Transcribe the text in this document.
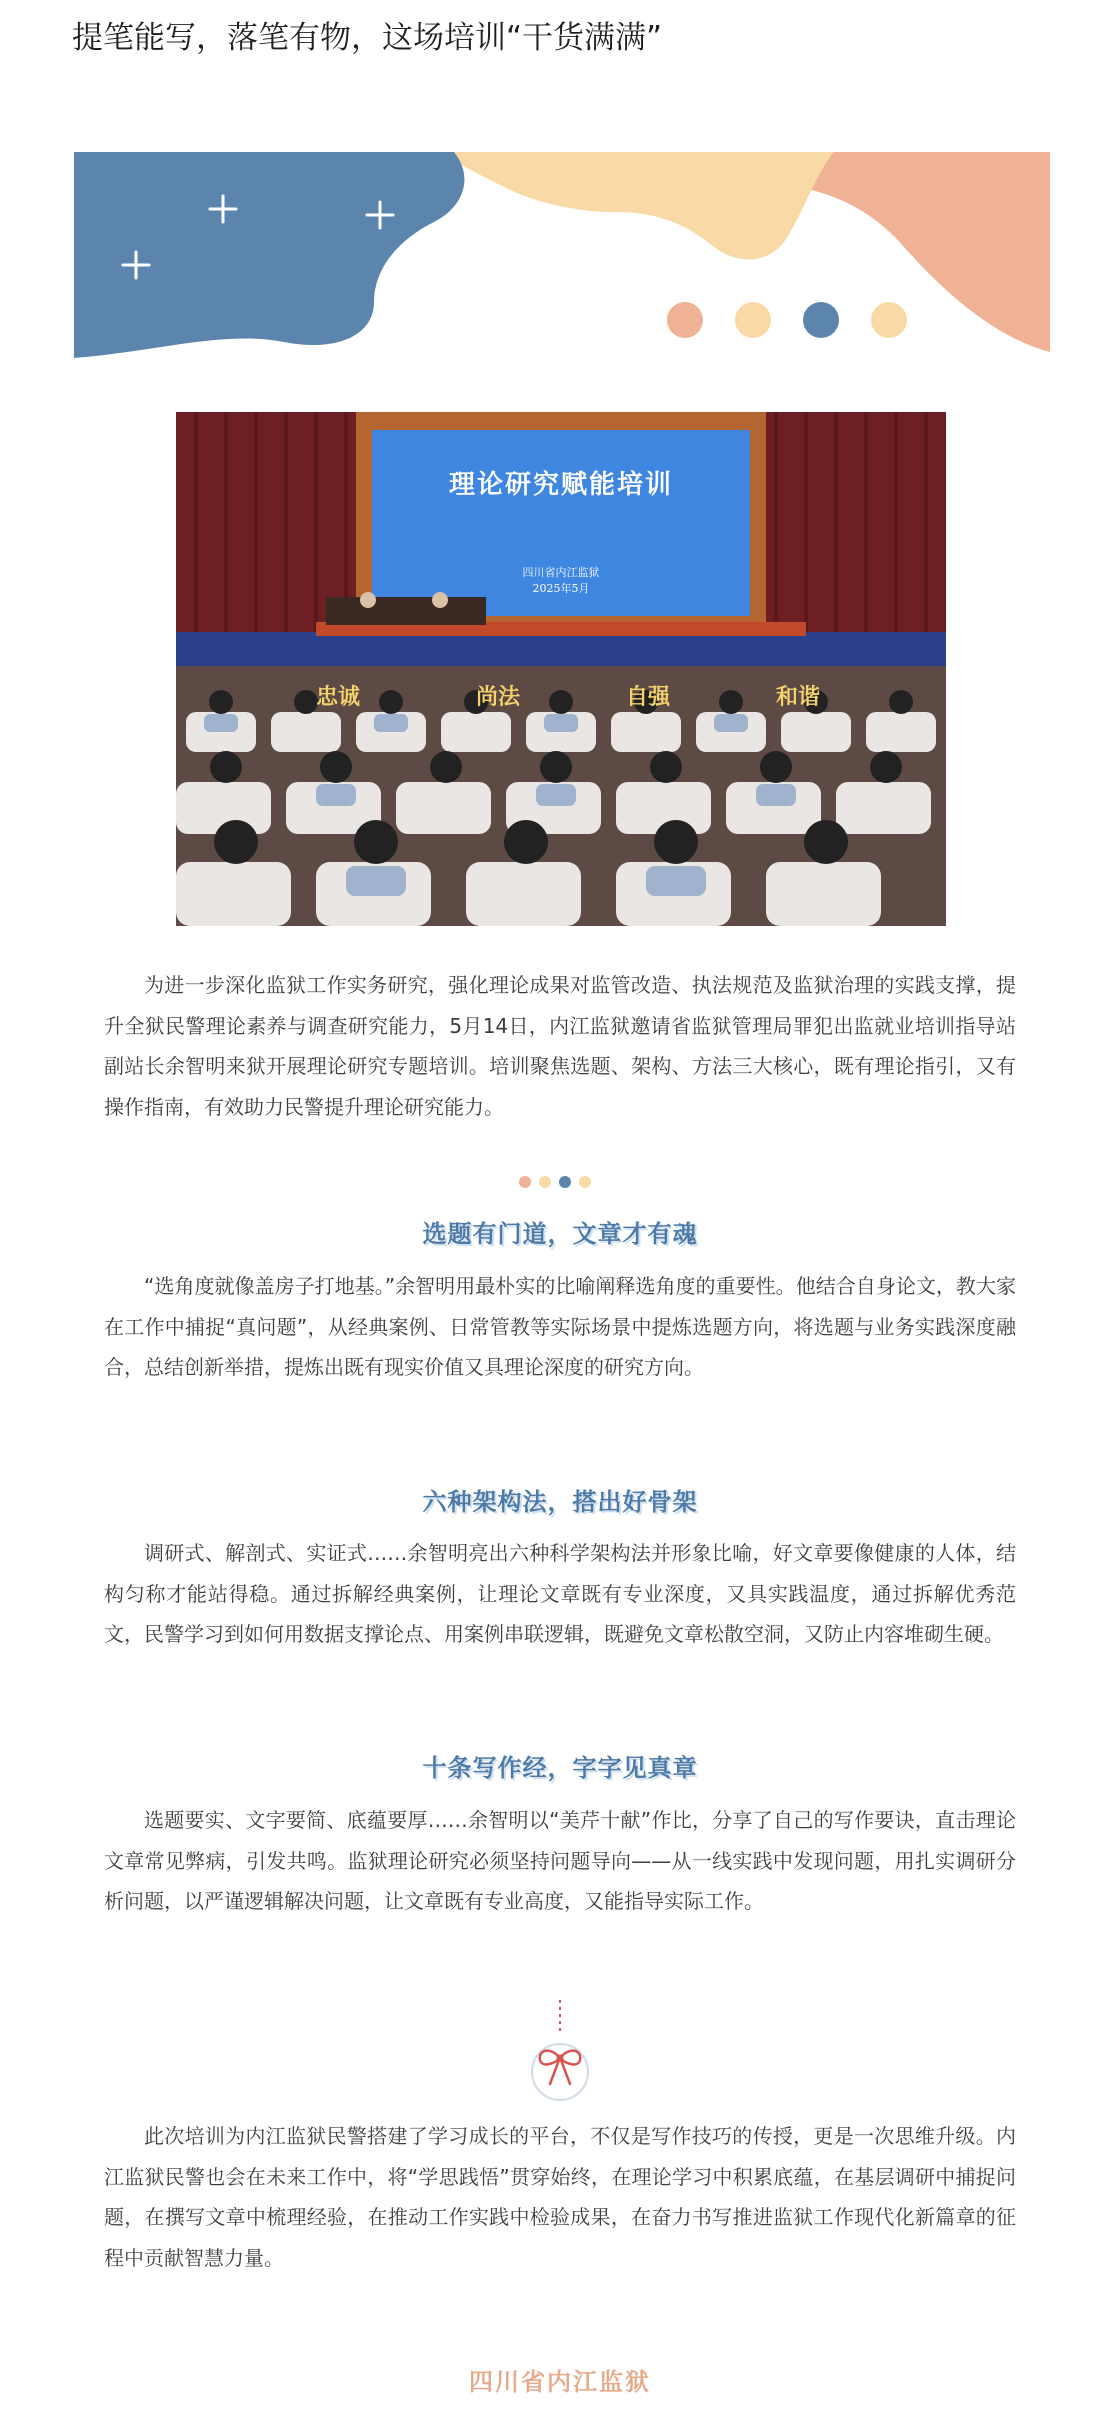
提笔能写，落笔有物，这场培训“干货满满”
理论研究赋能培训
四川省内江监狱
2025年5月
忠诚	尚法	自强	和谐

为进一步深化监狱工作实务研究，强化理论成果对监管改造、执法规范及监狱治理的实践支撑，提升全狱民警理论素养与调查研究能力，5月14日，内江监狱邀请省监狱管理局罪犯出监就业培训指导站副站长余智明来狱开展理论研究专题培训。培训聚焦选题、架构、方法三大核心，既有理论指引，又有操作指南，有效助力民警提升理论研究能力。

选题有门道，文章才有魂

“选角度就像盖房子打地基。”余智明用最朴实的比喻阐释选角度的重要性。他结合自身论文，教大家在工作中捕捉“真问题”，从经典案例、日常管教等实际场景中提炼选题方向，将选题与业务实践深度融合，总结创新举措，提炼出既有现实价值又具理论深度的研究方向。

六种架构法，搭出好骨架

调研式、解剖式、实证式……余智明亮出六种科学架构法并形象比喻，好文章要像健康的人体，结构匀称才能站得稳。通过拆解经典案例，让理论文章既有专业深度，又具实践温度，通过拆解优秀范文，民警学习到如何用数据支撑论点、用案例串联逻辑，既避免文章松散空洞，又防止内容堆砌生硬。

十条写作经，字字见真章

选题要实、文字要简、底蕴要厚……余智明以“美芹十献”作比，分享了自己的写作要诀，直击理论文章常见弊病，引发共鸣。监狱理论研究必须坚持问题导向——从一线实践中发现问题，用扎实调研分析问题，以严谨逻辑解决问题，让文章既有专业高度，又能指导实际工作。

此次培训为内江监狱民警搭建了学习成长的平台，不仅是写作技巧的传授，更是一次思维升级。内江监狱民警也会在未来工作中，将“学思践悟”贯穿始终，在理论学习中积累底蕴，在基层调研中捕捉问题，在撰写文章中梳理经验，在推动工作实践中检验成果，在奋力书写推进监狱工作现代化新篇章的征程中贡献智慧力量。

四川省内江监狱
